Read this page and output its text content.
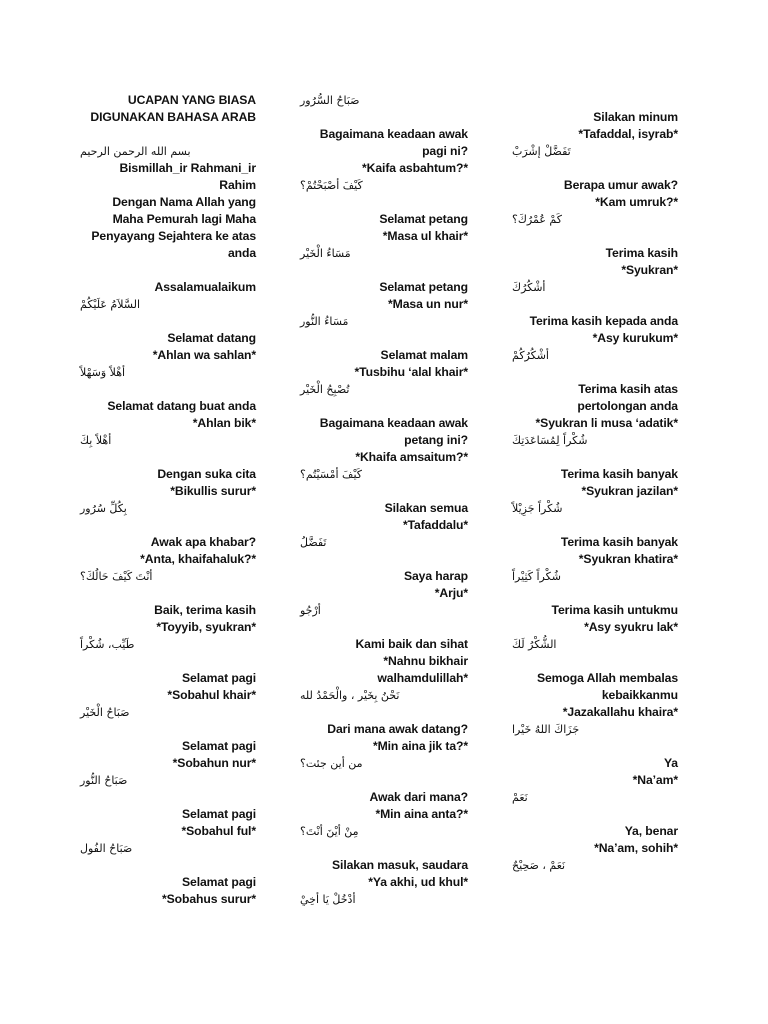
UCAPAN YANG BIASA

DIGUNAKAN BAHASA ARAB

بسم الله الرحمن الرحيم

Bismillah_ir Rahmani_ir

Rahim

Dengan Nama Allah yang

Maha Pemurah lagi Maha

Penyayang Sejahtera ke atas

anda

Assalamualaikum

السَّلاَمُ عَلَيْكُمْ

Selamat datang

*Ahlan wa sahlan*

أهْلاً وَسَهْلاً

Selamat datang buat anda

*Ahlan bik*

أهْلاً بِكَ

Dengan suka cita

*Bikullis surur*

بِكُلِّ سُرُور

Awak apa khabar?

*Anta, khaifahaluk?*

أنْتَ كَيْفَ حَالُكَ؟

Baik, terima kasih

*Toyyib, syukran*

طَيِّب، شُكْراً

Selamat pagi

*Sobahul khair*

صَبَاحُ الْخَيْر

Selamat pagi

*Sobahun nur*

صَبَاحُ النُّور

Selamat pagi

*Sobahul ful*

صَبَاحُ الفُول

Selamat pagi

*Sobahus surur*

صَبَاحُ السُّرُور

Bagaimana keadaan awak

pagi ni?

*Kaifa asbahtum?*

كَيْفَ أصْبَحْتُمْ؟

Selamat petang

*Masa ul khair*

مَسَاءُ الْخَيْر

Selamat petang

*Masa un nur*

مَسَاءُ النُّور

Selamat malam

*Tusbihu ‘alal khair*

تُصْبِحُ الْخَيْر

Bagaimana keadaan awak

petang ini?

*Khaifa amsaitum?*

كَيْفَ أمْسَيْتُم؟

Silakan semua

*Tafaddalu*

تَفَضَّلُ

Saya harap

*Arju*

أرْجُو

Kami baik dan sihat

*Nahnu bikhair

walhamdulillah*

نَحْنُ بِخَيْر ، والْحَمْدُ لله

Dari mana awak datang?

*Min aina jik ta?*

من أين جئت؟

Awak dari mana?

*Min aina anta?*

مِنْ أيْنَ أنْتَ؟

Silakan masuk, saudara

*Ya akhi, ud khul*

أدْخُلْ يَا أخِيْ

Silakan minum

*Tafaddal, isyrab*

تَفَضَّلْ إشْرَبْ

Berapa umur awak?

*Kam umruk?*

كَمْ عُمْرُكَ؟

Terima kasih

*Syukran*

أشْكُرُكَ

Terima kasih kepada anda

*Asy kurukum*

أشْكُرُكُمْ

Terima kasih atas

pertolongan anda

*Syukran li musa ‘adatik*

شُكْراً لِمُسَاعَدَتِكَ

Terima kasih banyak

*Syukran jazilan*

شُكْراً جَزِيْلاً

Terima kasih banyak

*Syukran khatira*

شُكْراً كَثِيْراً

Terima kasih untukmu

*Asy syukru lak*

الشُّكْرُ لَكَ

Semoga Allah membalas

kebaikkanmu

*Jazakallahu khaira*

جَزَاكَ اللهُ خَيْرا

Ya

*Na’am*

نَعَمْ

Ya, benar

*Na’am, sohih*

نَعَمْ ، صَحِيْحٌ
